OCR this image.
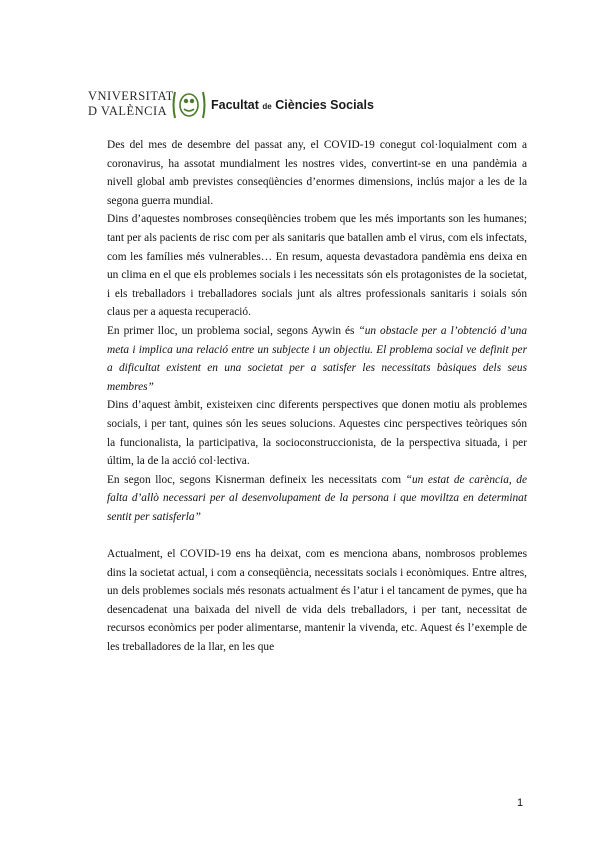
VNIVERSITAT
D VALÈNCIA	Facultat de Ciències Socials

Des del mes de desembre del passat any, el COVID-19 conegut col·loquialment com a coronavirus, ha assotat mundialment les nostres vides, convertint-se en una pandèmia a nivell global amb previstes conseqüències d’enormes dimensions, inclús major a les de la segona guerra mundial.

Dins d’aquestes nombroses conseqüències trobem que les més importants son les humanes; tant per als pacients de risc com per als sanitaris que batallen amb el virus, com els infectats, com les famílies més vulnerables… En resum, aquesta devastadora pandèmia ens deixa en un clima en el que els problemes socials i les necessitats són els protagonistes de la societat, i els treballadors i treballadores socials junt als altres professionals sanitaris i soials són claus per a aquesta recuperació.

En primer lloc, un problema social, segons Aywin és “un obstacle per a l’obtenció d’una meta i implica una relació entre un subjecte i un objectiu. El problema social ve definit per a dificultat existent en una societat per a satisfer les necessitats bàsiques dels seus membres”

Dins d’aquest àmbit, existeixen cinc diferents perspectives que donen motiu als problemes socials, i per tant, quines són les seues solucions. Aquestes cinc perspectives teòriques són la funcionalista, la participativa, la socioconstruccionista, de la perspectiva situada, i per últim, la de la acció col·lectiva.

En segon lloc, segons Kisnerman defineix les necessitats com “un estat de carència, de falta d’allò necessari per al desenvolupament de la persona i que moviltza en determinat sentit per satisferla”

Actualment, el COVID-19 ens ha deixat, com es menciona abans, nombrosos problemes dins la societat actual, i com a conseqüència, necessitats socials i econòmiques. Entre altres, un dels problemes socials més resonats actualment és l’atur i el tancament de pymes, que ha desencadenat una baixada del nivell de vida dels treballadors, i per tant, necessitat de recursos econòmics per poder alimentarse, mantenir la vivenda, etc. Aquest és l’exemple de les treballadores de la llar, en les que

1
